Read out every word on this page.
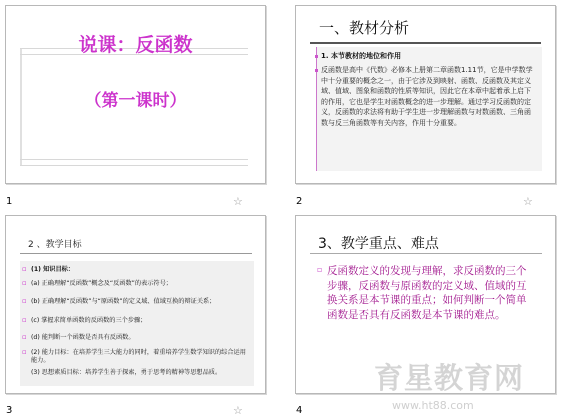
说课：反函数
（第一课时）
1	☆
一、教材分析
1. 本节教材的地位和作用
反函数是高中《代数》必修本上册第二章函数1.11节，它是中学数学中十分重要的概念之一，由于它涉及到映射、函数、反函数及其定义域、值域、图象和函数的性质等知识，因此它在本章中起着承上启下的作用，它也是学生对函数概念的进一步理解。通过学习反函数的定义，反函数的求法将有助于学生进一步理解函数与对数函数、三角函数与反三角函数等有关内容，作用十分重要。
2	☆
2 、教学目标
▫ (1) 知识目标：
▫ (a) 正确理解“反函数”概念及“反函数”的表示符号；
▫ (b) 正确理解“反函数”与“原函数”的定义域、值域互换的辩证关系；
▫ (c) 掌握求简单函数的反函数的三个步骤；
▫ (d) 能判断一个函数是否具有反函数。
▫ (2) 能力目标：在培养学生三大能力的同时，着重培养学生数学知识的综合运用能力。
(3) 思想素质目标：培养学生善于探索，勇于思考的精神等思想品质。
3	☆
3、教学重点、难点
▫ 反函数定义的发现与理解，求反函数的三个步骤，反函数与原函数的定义域、值域的互换关系是本节课的重点；如何判断一个简单函数是否具有反函数是本节课的难点。
4
育星教育网
www.ht88.com
